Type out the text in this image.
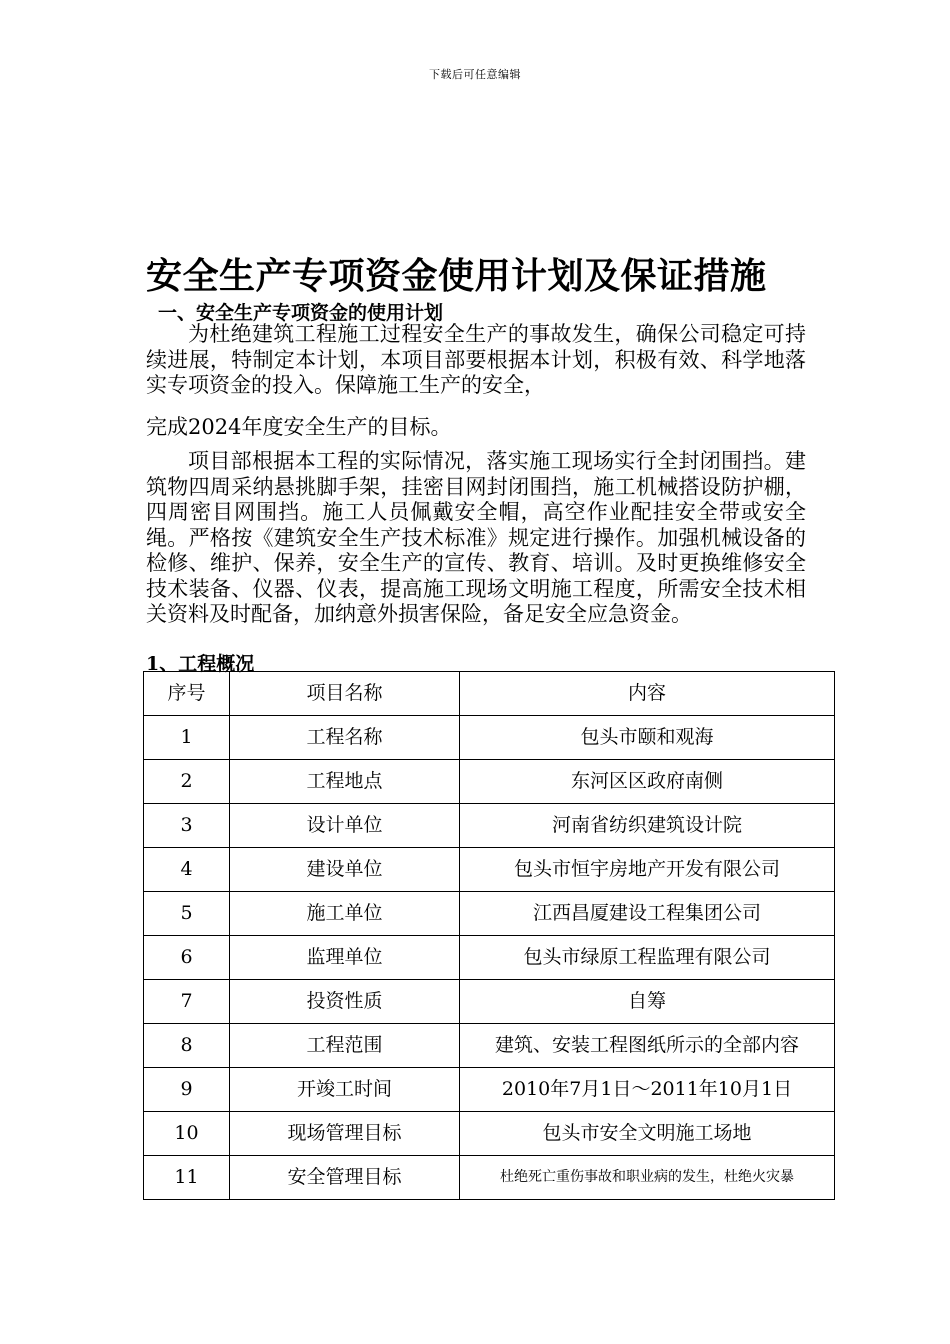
下载后可任意编辑
安全生产专项资金使用计划及保证措施
一、安全生产专项资金的使用计划

为杜绝建筑工程施工过程安全生产的事故发生，确保公司稳定可持续进展，特制定本计划，本项目部要根据本计划，积极有效、科学地落实专项资金的投入。保障施工生产的安全，

完成2024年度安全生产的目标。

项目部根据本工程的实际情况，落实施工现场实行全封闭围挡。建筑物四周采纳悬挑脚手架，挂密目网封闭围挡，施工机械搭设防护棚，四周密目网围挡。施工人员佩戴安全帽，高空作业配挂安全带或安全绳。严格按《建筑安全生产技术标准》规定进行操作。加强机械设备的检修、维护、保养，安全生产的宣传、教育、培训。及时更换维修安全技术装备、仪器、仪表，提高施工现场文明施工程度，所需安全技术相关资料及时配备，加纳意外损害保险，备足安全应急资金。

1、工程概况
序号	项目名称	内容
1	工程名称	包头市颐和观海
2	工程地点	东河区区政府南侧
3	设计单位	河南省纺织建筑设计院
4	建设单位	包头市恒宇房地产开发有限公司
5	施工单位	江西昌厦建设工程集团公司
6	监理单位	包头市绿原工程监理有限公司
7	投资性质	自筹
8	工程范围	建筑、安装工程图纸所示的全部内容
9	开竣工时间	2010年7月1日～2011年10月1日
10	现场管理目标	包头市安全文明施工场地
11	安全管理目标	杜绝死亡重伤事故和职业病的发生，杜绝火灾暴
